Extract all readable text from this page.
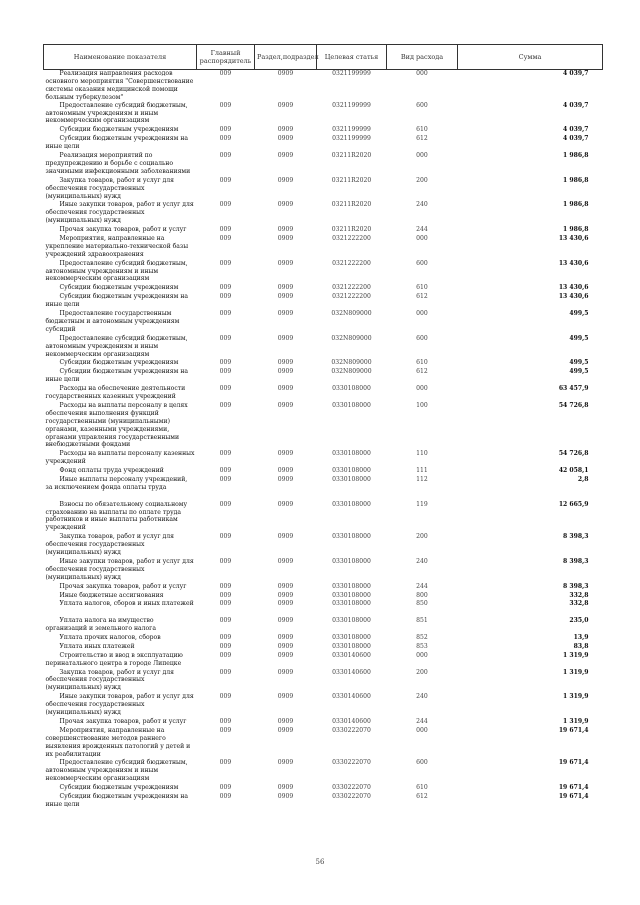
Наименование показателя	Главный распорядитель	Раздел,подраздел	Целевая статья	Вид расхода	Сумма
Реализация направления расходов основного мероприятия "Совершенствование системы оказания медицинской помощи больным туберкулезом"	009	0909	0321199999	000	4 039,7
Предоставление субсидий бюджетным, автономным учреждениям и иным некоммерческим организациям	009	0909	0321199999	600	4 039,7
Субсидии бюджетным учреждениям	009	0909	0321199999	610	4 039,7
Субсидии бюджетным учреждениям на иные цели	009	0909	0321199999	612	4 039,7
Реализация мероприятий по предупреждению и борьбе с социально значимыми инфекционными заболеваниями	009	0909	03211R2020	000	1 986,8
Закупка товаров, работ и услуг для обеспечения государственных (муниципальных) нужд	009	0909	03211R2020	200	1 986,8
Иные закупки товаров, работ и услуг для обеспечения государственных (муниципальных) нужд	009	0909	03211R2020	240	1 986,8
Прочая закупка товаров, работ и услуг	009	0909	03211R2020	244	1 986,8
Мероприятия, направленные на укрепление материально-технической базы учреждений здравоохранения	009	0909	0321222200	000	13 430,6
Предоставление субсидий бюджетным, автономным учреждениям и иным некоммерческим организациям	009	0909	0321222200	600	13 430,6
Субсидии бюджетным учреждениям	009	0909	0321222200	610	13 430,6
Субсидии бюджетным учреждениям на иные цели	009	0909	0321222200	612	13 430,6
Предоставление государственным бюджетным и автономным учреждениям субсидий	009	0909	032N809000	000	499,5
Предоставление субсидий бюджетным, автономным учреждениям и иным некоммерческим организациям	009	0909	032N809000	600	499,5
Субсидии бюджетным учреждениям	009	0909	032N809000	610	499,5
Субсидии бюджетным учреждениям на иные цели	009	0909	032N809000	612	499,5
Расходы на обеспечение деятельности государственных казенных учреждений	009	0909	0330108000	000	63 457,9
Расходы на выплаты персоналу в целях обеспечения выполнения функций государственными (муниципальными) органами, казенными учреждениями, органами управления государственными внебюджетными фондами	009	0909	0330108000	100	54 726,8
Расходы на выплаты персоналу казенных учреждений	009	0909	0330108000	110	54 726,8
Фонд оплаты труда учреждений	009	0909	0330108000	111	42 058,1
Иные выплаты персоналу учреждений, за исключением фонда оплаты труда	009	0909	0330108000	112	2,8
Взносы по обязательному социальному страхованию на выплаты по оплате труда работников и иные выплаты работникам учреждений	009	0909	0330108000	119	12 665,9
Закупка товаров, работ и услуг для обеспечения государственных (муниципальных) нужд	009	0909	0330108000	200	8 398,3
Иные закупки товаров, работ и услуг для обеспечения государственных (муниципальных) нужд	009	0909	0330108000	240	8 398,3
Прочая закупка товаров, работ и услуг	009	0909	0330108000	244	8 398,3
Иные бюджетные ассигнования	009	0909	0330108000	800	332,8
Уплата налогов, сборов и иных платежей	009	0909	0330108000	850	332,8
Уплата налога на имущество организаций и земельного налога	009	0909	0330108000	851	235,0
Уплата прочих налогов, сборов	009	0909	0330108000	852	13,9
Уплата иных платежей	009	0909	0330108000	853	83,8
Строительство и ввод в эксплуатацию перинатального центра в городе Липецке	009	0909	0330140600	000	1 319,9
Закупка товаров, работ и услуг для обеспечения государственных (муниципальных) нужд	009	0909	0330140600	200	1 319,9
Иные закупки товаров, работ и услуг для обеспечения государственных (муниципальных) нужд	009	0909	0330140600	240	1 319,9
Прочая закупка товаров, работ и услуг	009	0909	0330140600	244	1 319,9
Мероприятия, направленные на совершенствование методов раннего выявления врожденных патологий у детей и их реабилитации	009	0909	0330222070	000	19 671,4
Предоставление субсидий бюджетным, автономным учреждениям и иным некоммерческим организациям	009	0909	0330222070	600	19 671,4
Субсидии бюджетным учреждениям	009	0909	0330222070	610	19 671,4
Субсидии бюджетным учреждениям на иные цели	009	0909	0330222070	612	19 671,4
56
